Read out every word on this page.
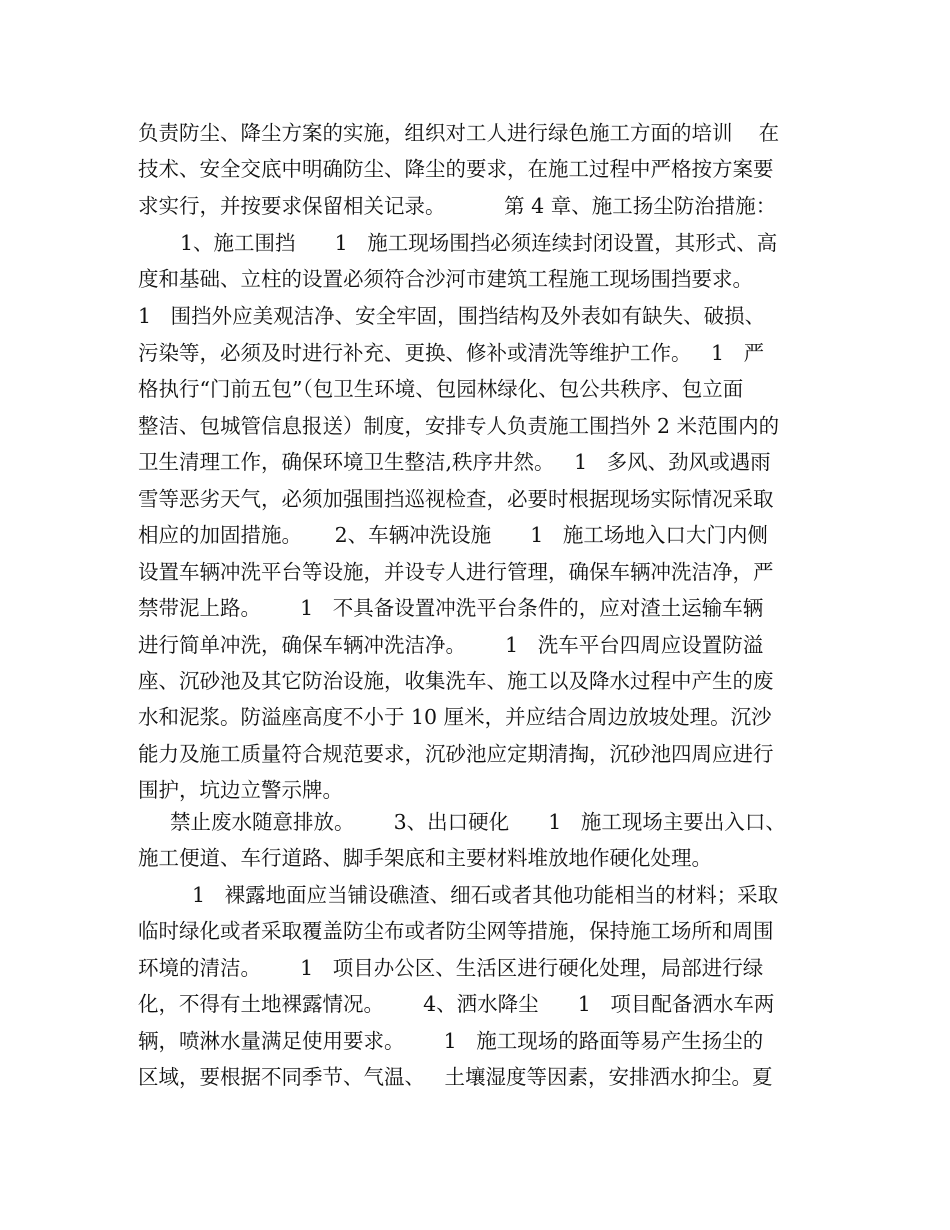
负责防尘、降尘方案的实施，组织对工人进行绿色施工方面的培训    在

技术、安全交底中明确防尘、降尘的要求，在施工过程中严格按方案要

求实行，并按要求保留相关记录。         第 4 章、施工扬尘防治措施：

1、施工围挡      1   施工现场围挡必须连续封闭设置，其形式、高

度和基础、立柱的设置必须符合沙河市建筑工程施工现场围挡要求。

1   围挡外应美观洁净、安全牢固，围挡结构及外表如有缺失、破损、

污染等，必须及时进行补充、更换、修补或清洗等维护工作。   1   严

格执行“门前五包”（包卫生环境、包园林绿化、包公共秩序、包立面

整洁、包城管信息报送）制度，安排专人负责施工围挡外 2 米范围内的

卫生清理工作，确保环境卫生整洁,秩序井然。   1   多风、劲风或遇雨

雪等恶劣天气，必须加强围挡巡视检查，必要时根据现场实际情况采取

相应的加固措施。     2、车辆冲洗设施      1   施工场地入口大门内侧

设置车辆冲洗平台等设施，并设专人进行管理，确保车辆冲洗洁净，严

禁带泥上路。      1   不具备设置冲洗平台条件的，应对渣土运输车辆

进行简单冲洗，确保车辆冲洗洁净。      1   洗车平台四周应设置防溢

座、沉砂池及其它防治设施，收集洗车、施工以及降水过程中产生的废

水和泥浆。防溢座高度不小于 10 厘米，并应结合周边放坡处理。沉沙

能力及施工质量符合规范要求，沉砂池应定期清掏，沉砂池四周应进行

围护，坑边立警示牌。

禁止废水随意排放。      3、出口硬化      1   施工现场主要出入口、

施工便道、车行道路、脚手架底和主要材料堆放地作硬化处理。

1   裸露地面应当铺设礁渣、细石或者其他功能相当的材料；采取

临时绿化或者采取覆盖防尘布或者防尘网等措施，保持施工场所和周围

环境的清洁。      1   项目办公区、生活区进行硬化处理，局部进行绿

化，不得有土地裸露情况。      4、洒水降尘      1   项目配备洒水车两

辆，喷淋水量满足使用要求。      1   施工现场的路面等易产生扬尘的

区域，要根据不同季节、气温、   土壤湿度等因素，安排洒水抑尘。夏
